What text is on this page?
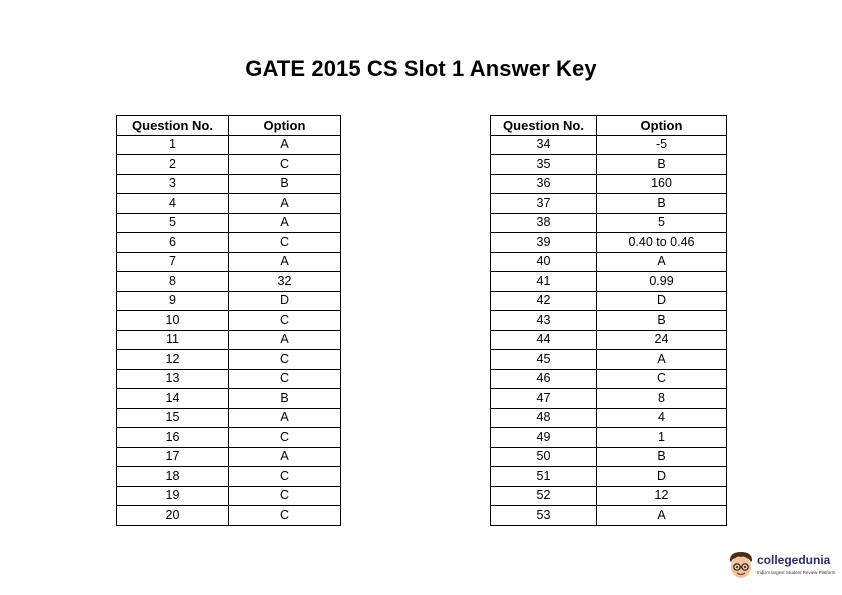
GATE 2015 CS Slot 1 Answer Key
Question No.	Option
1	A
2	C
3	B
4	A
5	A
6	C
7	A
8	32
9	D
10	C
11	A
12	C
13	C
14	B
15	A
16	C
17	A
18	C
19	C
20	C
Question No.	Option
34	-5
35	B
36	160
37	B
38	5
39	0.40 to 0.46
40	A
41	0.99
42	D
43	B
44	24
45	A
46	C
47	8
48	4
49	1
50	B
51	D
52	12
53	A
collegedunia
India's largest Student Review Platform
